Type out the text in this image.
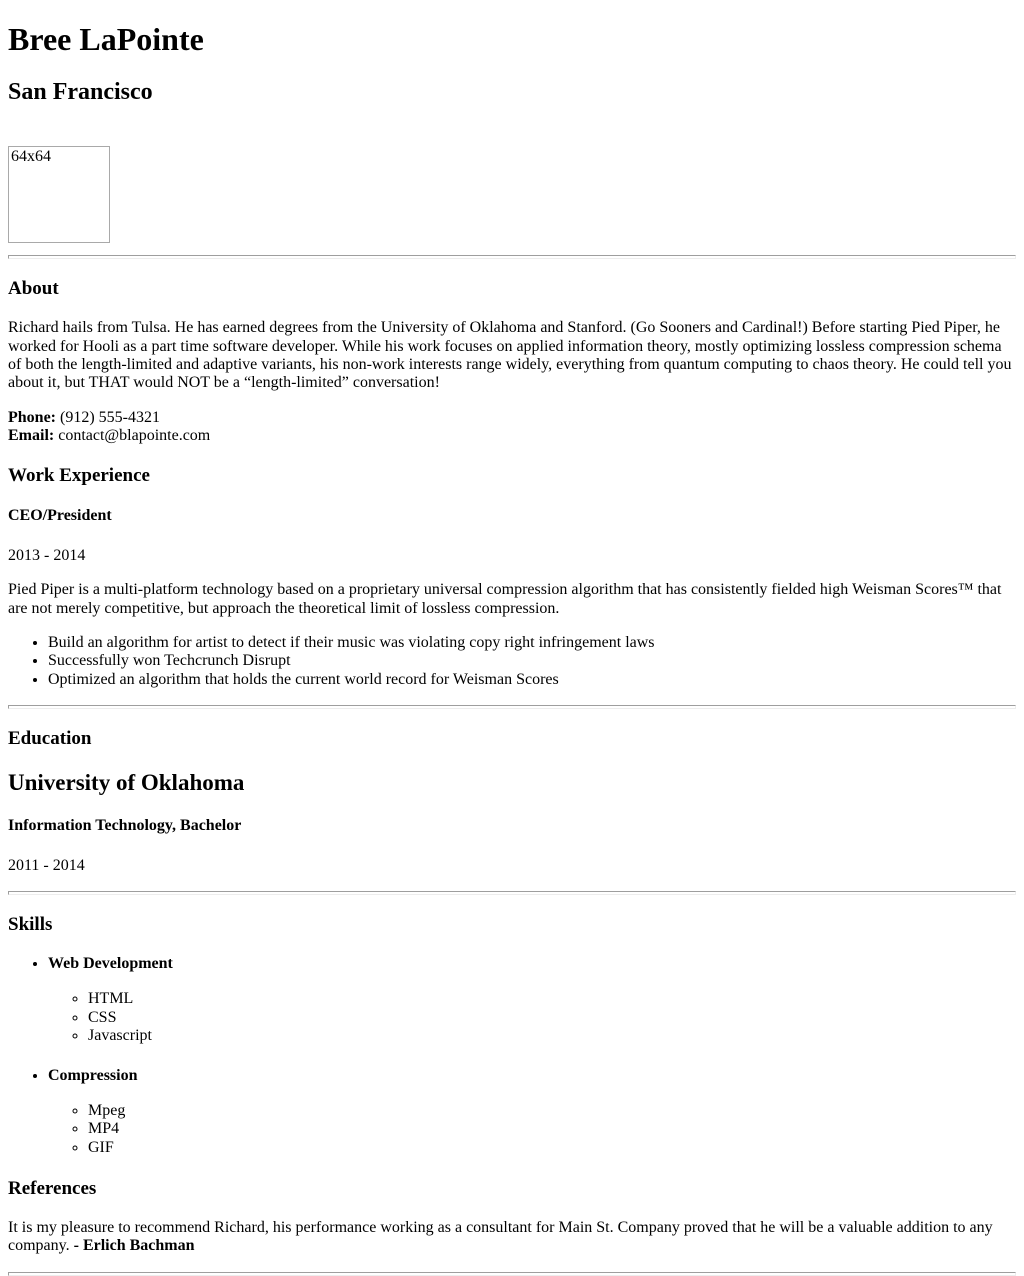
Bree LaPointe
San Francisco
64x64
About

Richard hails from Tulsa. He has earned degrees from the University of Oklahoma and Stanford. (Go Sooners and Cardinal!) Before starting Pied Piper, he worked for Hooli as a part time software developer. While his work focuses on applied information theory, mostly optimizing lossless compression schema of both the length-limited and adaptive variants, his non-work interests range widely, everything from quantum computing to chaos theory. He could tell you about it, but THAT would NOT be a “length-limited” conversation!

Phone: (912) 555-4321
Email: contact@blapointe.com

Work Experience
CEO/President

2013 - 2014

Pied Piper is a multi-platform technology based on a proprietary universal compression algorithm that has consistently fielded high Weisman Scores™ that are not merely competitive, but approach the theoretical limit of lossless compression.

• Build an algorithm for artist to detect if their music was violating copy right infringement laws
• Successfully won Techcrunch Disrupt
• Optimized an algorithm that holds the current world record for Weisman Scores
Education
University of Oklahoma
Information Technology, Bachelor

2011 - 2014

Skills

• Web Development

◦ HTML
◦ CSS
◦ Javascript

• Compression

◦ Mpeg
◦ MP4
◦ GIF
References

It is my pleasure to recommend Richard, his performance working as a consultant for Main St. Company proved that he will be a valuable addition to any company. - Erlich Bachman
